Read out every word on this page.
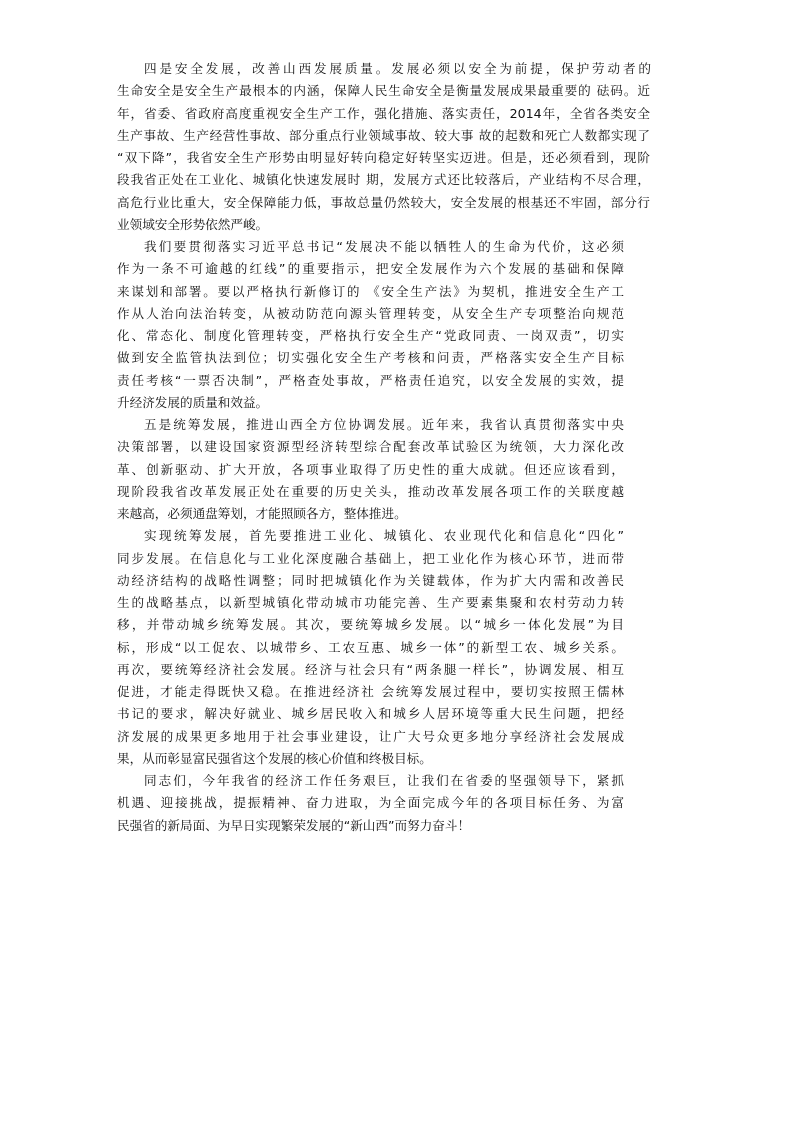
四是安全发展，改善山西发展质量。发展必须以安全为前提，保护劳动者的
生命安全是安全生产最根本的内涵，保障人民生命安全是衡量发展成果最重要的 砝码。近
年，省委、省政府高度重视安全生产工作，强化措施、落实责任，2014年，全省各类安全
生产事故、生产经营性事故、部分重点行业领域事故、较大事 故的起数和死亡人数都实现了
“双下降”，我省安全生产形势由明显好转向稳定好转坚实迈进。但是，还必须看到，现阶
段我省正处在工业化、城镇化快速发展时 期，发展方式还比较落后，产业结构不尽合理，
高危行业比重大，安全保障能力低，事故总量仍然较大，安全发展的根基还不牢固，部分行
业领域安全形势依然严峻。
我们要贯彻落实习近平总书记“发展决不能以牺牲人的生命为代价，这必须
作为一条不可逾越的红线”的重要指示，把安全发展作为六个发展的基础和保障
来谋划和部署。要以严格执行新修订的 《安全生产法》为契机，推进安全生产工
作从人治向法治转变，从被动防范向源头管理转变，从安全生产专项整治向规范
化、常态化、制度化管理转变，严格执行安全生产“党政同责、一岗双责”，切实
做到安全监管执法到位；切实强化安全生产考核和问责，严格落实安全生产目标
责任考核“一票否决制”，严格查处事故，严格责任追究，以安全发展的实效，提
升经济发展的质量和效益。
五是统筹发展，推进山西全方位协调发展。近年来，我省认真贯彻落实中央
决策部署，以建设国家资源型经济转型综合配套改革试验区为统领，大力深化改
革、创新驱动、扩大开放，各项事业取得了历史性的重大成就。但还应该看到，
现阶段我省改革发展正处在重要的历史关头，推动改革发展各项工作的关联度越
来越高，必须通盘筹划，才能照顾各方，整体推进。
实现统筹发展，首先要推进工业化、城镇化、农业现代化和信息化“四化”
同步发展。在信息化与工业化深度融合基础上，把工业化作为核心环节，进而带
动经济结构的战略性调整；同时把城镇化作为关键载体，作为扩大内需和改善民
生的战略基点，以新型城镇化带动城市功能完善、生产要素集聚和农村劳动力转
移，并带动城乡统筹发展。其次，要统筹城乡发展。以“城乡一体化发展”为目
标，形成“以工促农、以城带乡、工农互惠、城乡一体”的新型工农、城乡关系。
再次，要统筹经济社会发展。经济与社会只有“两条腿一样长”，协调发展、相互
促进，才能走得既快又稳。在推进经济社 会统筹发展过程中，要切实按照王儒林
书记的要求，解决好就业、城乡居民收入和城乡人居环境等重大民生问题，把经
济发展的成果更多地用于社会事业建设，让广大号众更多地分享经济社会发展成
果，从而彰显富民强省这个发展的核心价值和终极目标。
同志们，今年我省的经济工作任务艰巨，让我们在省委的坚强领导下，紧抓
机遇、迎接挑战，提振精神、奋力进取，为全面完成今年的各项目标任务、为富
民强省的新局面、为早日实现繁荣发展的“新山西”而努力奋斗！
